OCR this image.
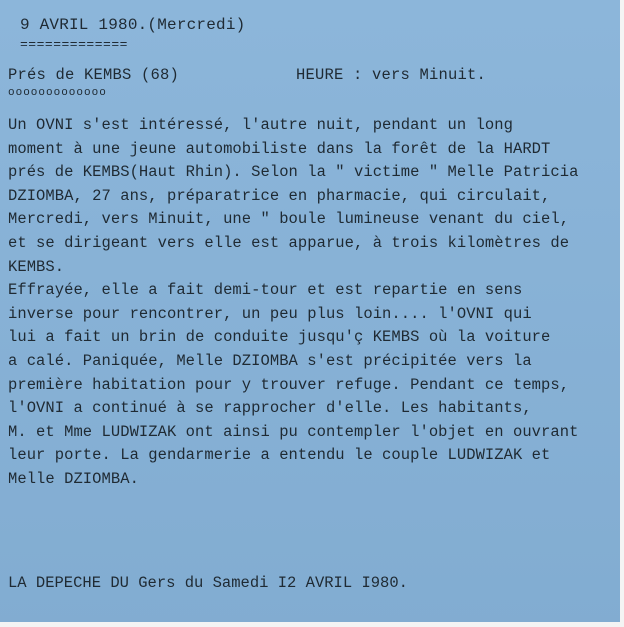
9 AVRIL 1980.(Mercredi)
=============
Prés de KEMBS (68)
ooooooooooooo
HEURE : vers Minuit.
Un OVNI s'est intéressé, l'autre nuit, pendant un long
moment à une jeune automobiliste dans la forêt de la HARDT
prés de KEMBS(Haut Rhin). Selon la " victime " Melle Patricia
DZIOMBA, 27 ans, préparatrice en pharmacie, qui circulait,
Mercredi, vers Minuit, une " boule lumineuse venant du ciel,
et se dirigeant vers elle est apparue, à trois kilomètres de
KEMBS.
Effrayée, elle a fait demi-tour et est repartie en sens
inverse pour rencontrer, un peu plus loin.... l'OVNI qui
lui a fait un brin de conduite jusqu'ç KEMBS où la voiture
a calé. Paniquée, Melle DZIOMBA s'est précipitée vers la
première habitation pour y trouver refuge. Pendant ce temps,
l'OVNI a continué à se rapprocher d'elle. Les habitants,
M. et Mme LUDWIZAK ont ainsi pu contempler l'objet en ouvrant
leur porte. La gendarmerie a entendu le couple LUDWIZAK et
Melle DZIOMBA.
LA DEPECHE DU Gers du Samedi I2 AVRIL I980.
